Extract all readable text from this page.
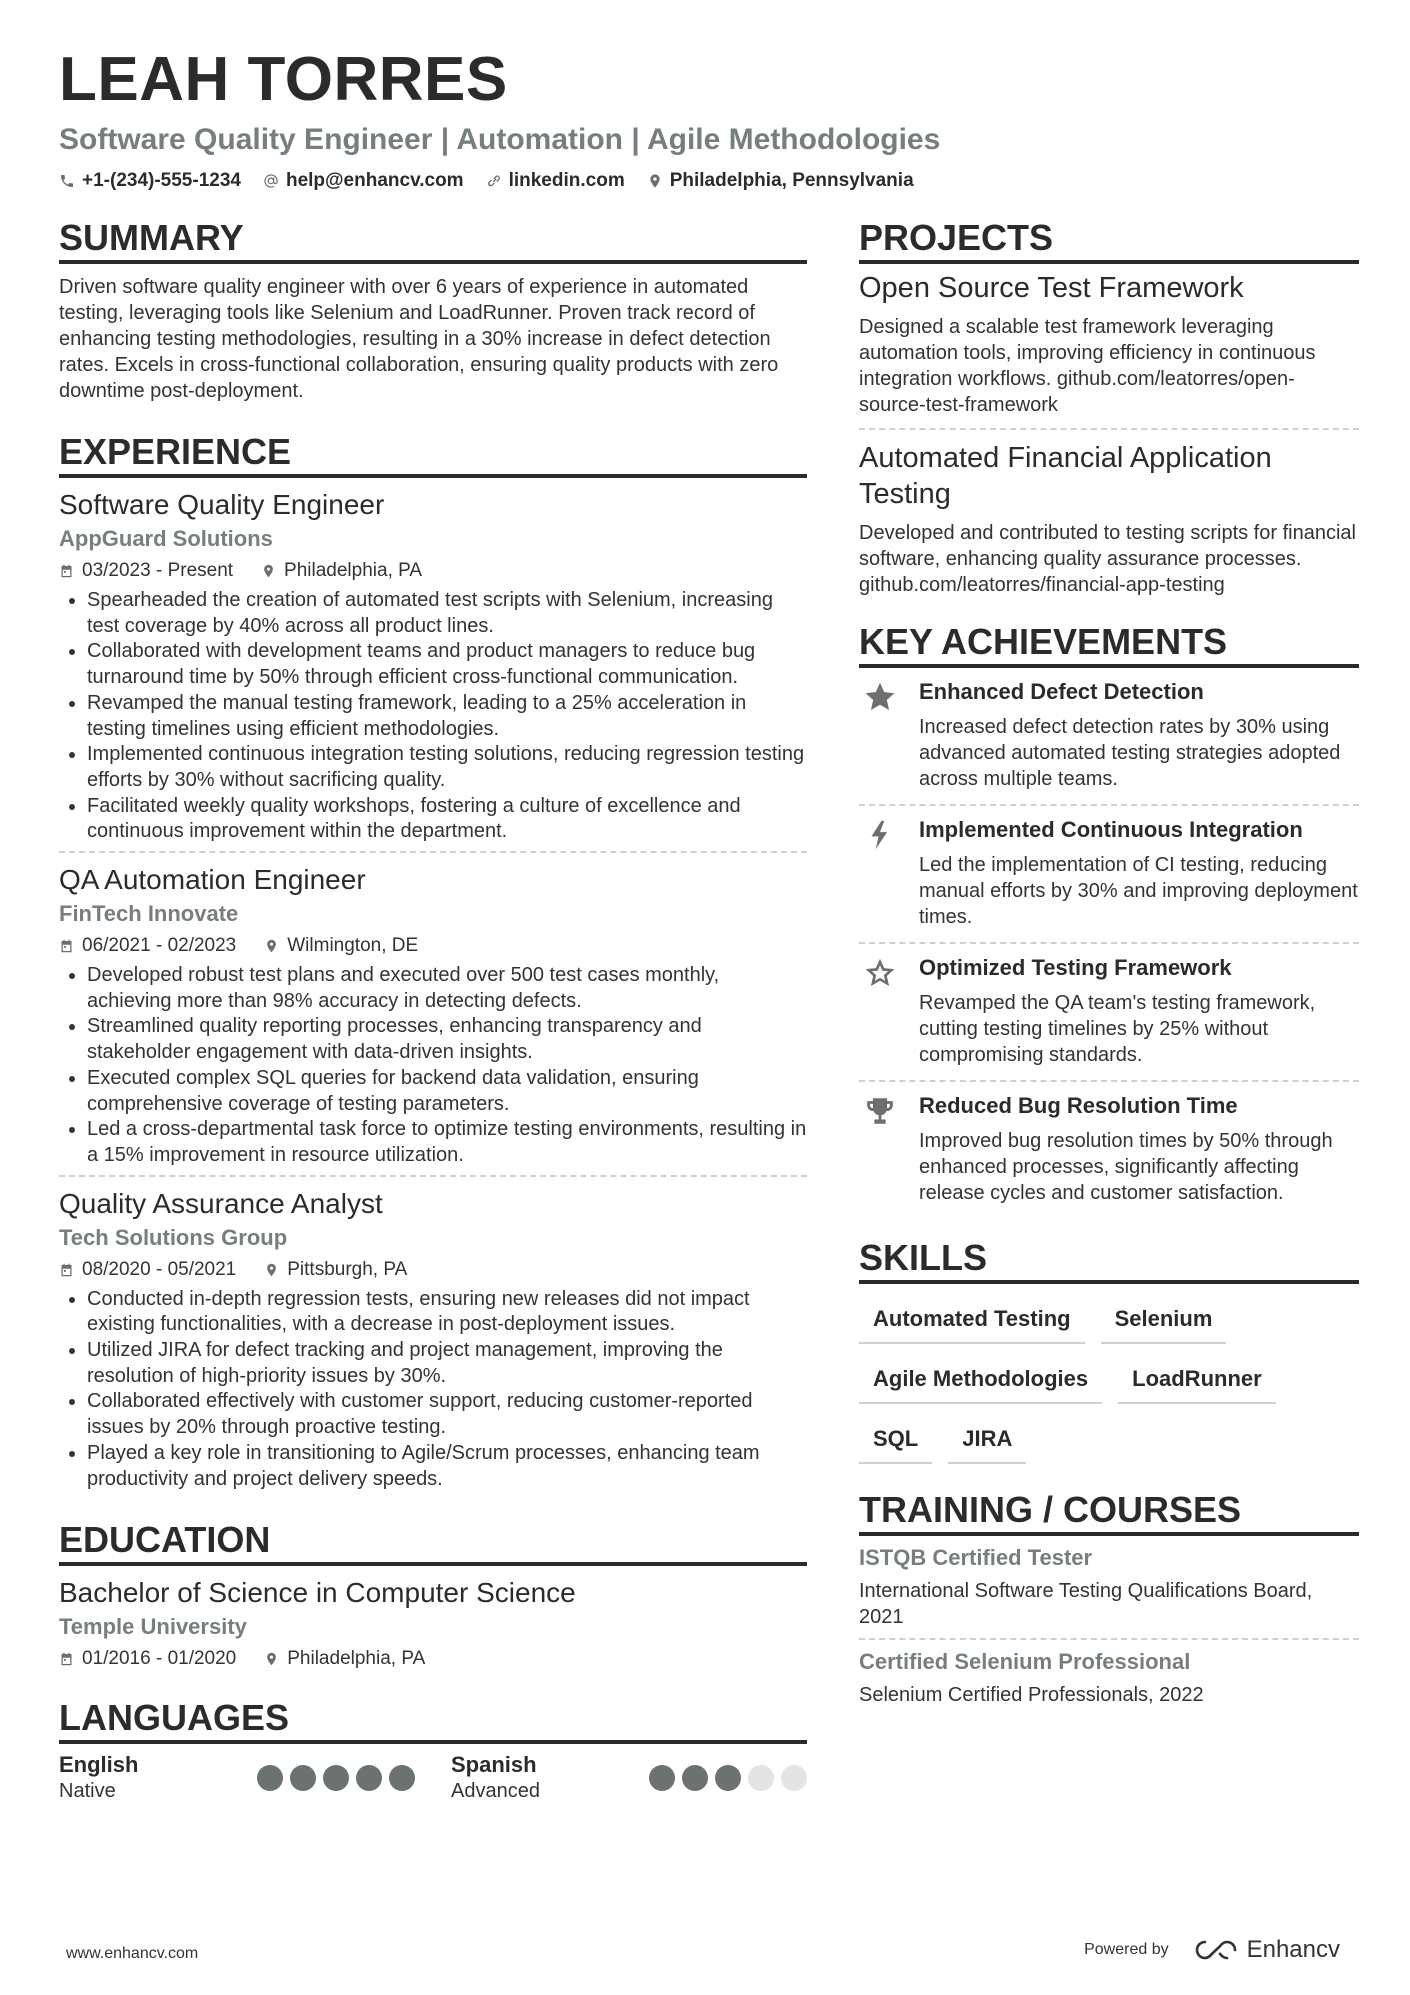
LEAH TORRES
Software Quality Engineer | Automation | Agile Methodologies
+1-(234)-555-1234 help@enhancv.com linkedin.com Philadelphia, Pennsylvania
SUMMARY
Driven software quality engineer with over 6 years of experience in automated testing, leveraging tools like Selenium and LoadRunner. Proven track record of enhancing testing methodologies, resulting in a 30% increase in defect detection rates. Excels in cross-functional collaboration, ensuring quality products with zero downtime post-deployment.
EXPERIENCE
Software Quality Engineer
AppGuard Solutions
03/2023 - Present	Philadelphia, PA
• Spearheaded the creation of automated test scripts with Selenium, increasing test coverage by 40% across all product lines.
• Collaborated with development teams and product managers to reduce bug turnaround time by 50% through efficient cross-functional communication.
• Revamped the manual testing framework, leading to a 25% acceleration in testing timelines using efficient methodologies.
• Implemented continuous integration testing solutions, reducing regression testing efforts by 30% without sacrificing quality.
• Facilitated weekly quality workshops, fostering a culture of excellence and continuous improvement within the department.
QA Automation Engineer
FinTech Innovate
06/2021 - 02/2023	Wilmington, DE
• Developed robust test plans and executed over 500 test cases monthly, achieving more than 98% accuracy in detecting defects.
• Streamlined quality reporting processes, enhancing transparency and stakeholder engagement with data-driven insights.
• Executed complex SQL queries for backend data validation, ensuring comprehensive coverage of testing parameters.
• Led a cross-departmental task force to optimize testing environments, resulting in a 15% improvement in resource utilization.
Quality Assurance Analyst
Tech Solutions Group
08/2020 - 05/2021	Pittsburgh, PA
• Conducted in-depth regression tests, ensuring new releases did not impact existing functionalities, with a decrease in post-deployment issues.
• Utilized JIRA for defect tracking and project management, improving the resolution of high-priority issues by 30%.
• Collaborated effectively with customer support, reducing customer-reported issues by 20% through proactive testing.
• Played a key role in transitioning to Agile/Scrum processes, enhancing team productivity and project delivery speeds.
EDUCATION
Bachelor of Science in Computer Science
Temple University
01/2016 - 01/2020	Philadelphia, PA
LANGUAGES
English
Native
Spanish
Advanced
PROJECTS
Open Source Test Framework
Designed a scalable test framework leveraging automation tools, improving efficiency in continuous integration workflows. github.com/leatorres/open-source-test-framework
Automated Financial Application Testing
Developed and contributed to testing scripts for financial software, enhancing quality assurance processes. github.com/leatorres/financial-app-testing
KEY ACHIEVEMENTS
Enhanced Defect Detection
Increased defect detection rates by 30% using advanced automated testing strategies adopted across multiple teams.
Implemented Continuous Integration
Led the implementation of CI testing, reducing manual efforts by 30% and improving deployment times.
Optimized Testing Framework
Revamped the QA team's testing framework, cutting testing timelines by 25% without compromising standards.
Reduced Bug Resolution Time
Improved bug resolution times by 50% through enhanced processes, significantly affecting release cycles and customer satisfaction.
SKILLS
Automated Testing	Selenium
Agile Methodologies	LoadRunner
SQL	JIRA
TRAINING / COURSES
ISTQB Certified Tester
International Software Testing Qualifications Board, 2021
Certified Selenium Professional
Selenium Certified Professionals, 2022
www.enhancv.com	Powered by	Enhancv
